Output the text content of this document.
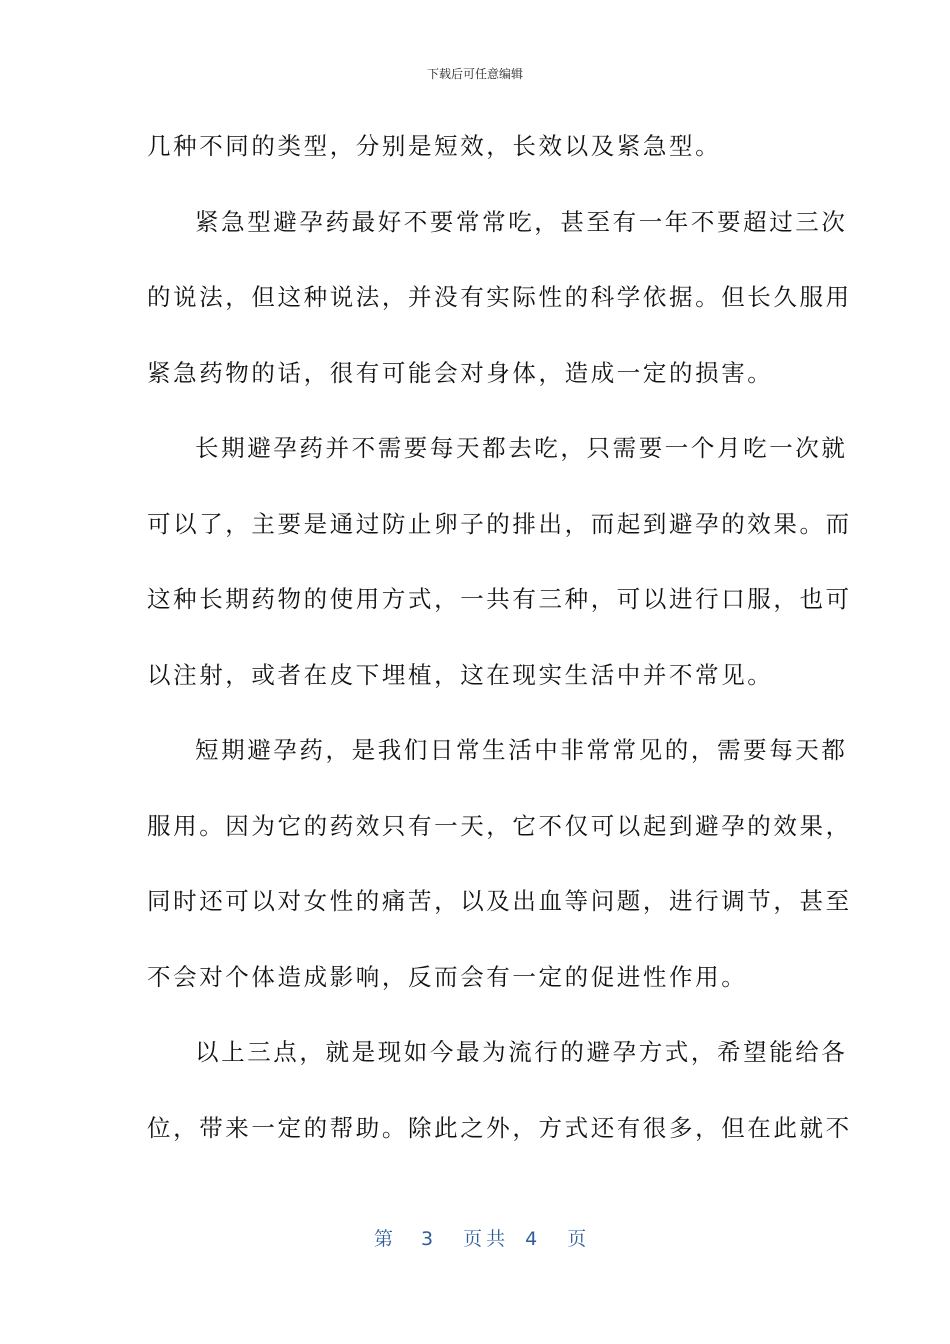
下载后可任意编辑
几种不同的类型，分别是短效，长效以及紧急型。
紧急型避孕药最好不要常常吃，甚至有一年不要超过三次
的说法，但这种说法，并没有实际性的科学依据。但长久服用
紧急药物的话，很有可能会对身体，造成一定的损害。
长期避孕药并不需要每天都去吃，只需要一个月吃一次就
可以了，主要是通过防止卵子的排出，而起到避孕的效果。而
这种长期药物的使用方式，一共有三种，可以进行口服，也可
以注射，或者在皮下埋植，这在现实生活中并不常见。
短期避孕药，是我们日常生活中非常常见的，需要每天都
服用。因为它的药效只有一天，它不仅可以起到避孕的效果，
同时还可以对女性的痛苦，以及出血等问题，进行调节，甚至
不会对个体造成影响，反而会有一定的促进性作用。
以上三点，就是现如今最为流行的避孕方式，希望能给各
位，带来一定的帮助。除此之外，方式还有很多，但在此就不
第 3 页 共 4 页
